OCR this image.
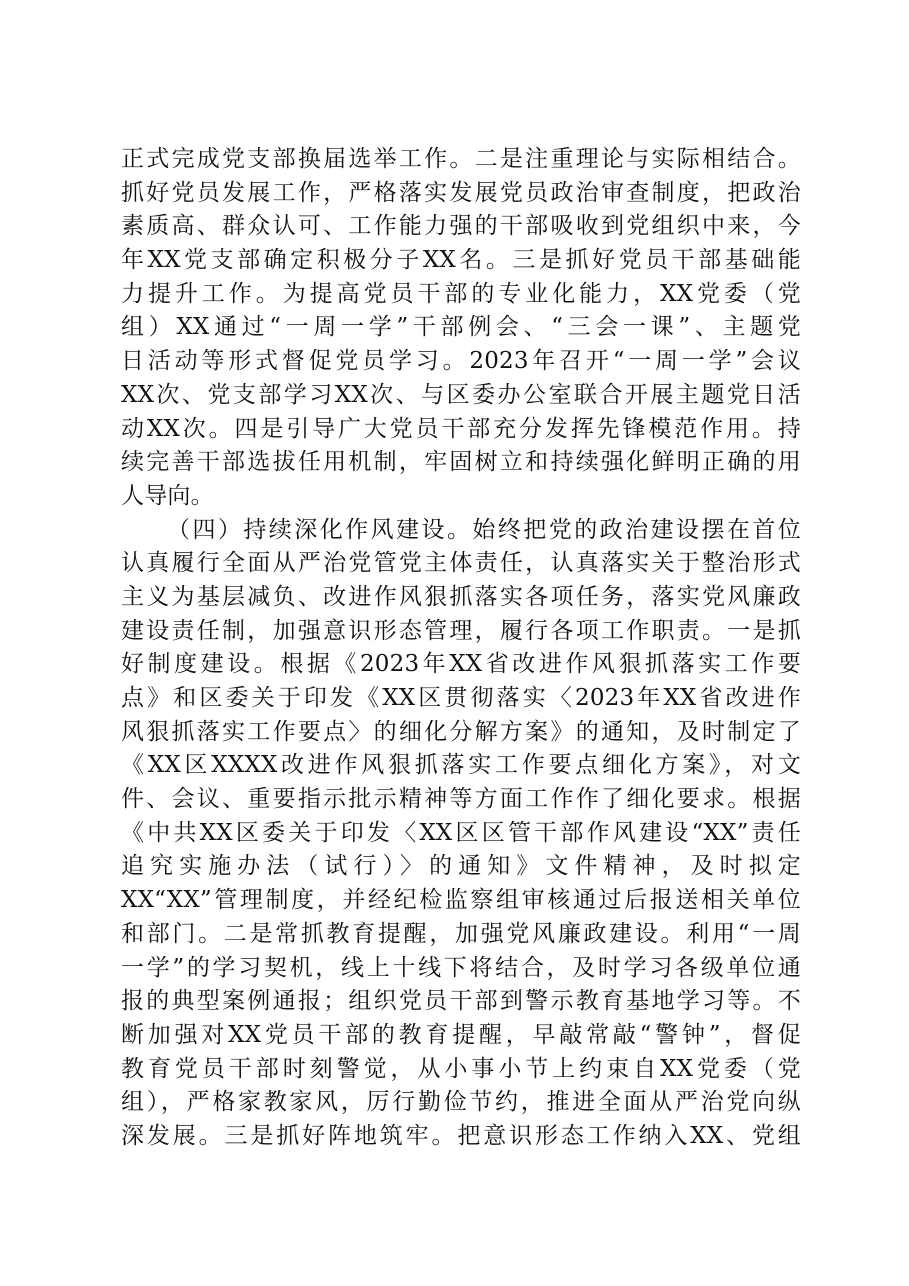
正式完成党支部换届选举工作。二是注重理论与实际相结合。
抓好党员发展工作，严格落实发展党员政治审查制度，把政治
素质高、群众认可、工作能力强的干部吸收到党组织中来，今
年XX党支部确定积极分子XX名。三是抓好党员干部基础能
力提升工作。为提高党员干部的专业化能力，XX党委（党
组）XX通过“一周一学”干部例会、“三会一课”、主题党
日活动等形式督促党员学习。2023年召开“一周一学”会议
XX次、党支部学习XX次、与区委办公室联合开展主题党日活
动XX次。四是引导广大党员干部充分发挥先锋模范作用。持
续完善干部选拔任用机制，牢固树立和持续强化鲜明正确的用
人导向。
（四）持续深化作风建设。始终把党的政治建设摆在首位
认真履行全面从严治党管党主体责任，认真落实关于整治形式
主义为基层减负、改进作风狠抓落实各项任务，落实党风廉政
建设责任制，加强意识形态管理，履行各项工作职责。一是抓
好制度建设。根据《2023年XX省改进作风狠抓落实工作要
点》和区委关于印发《XX区贯彻落实〈2023年XX省改进作
风狠抓落实工作要点〉的细化分解方案》的通知，及时制定了
《XX区XXXX改进作风狠抓落实工作要点细化方案》，对文
件、会议、重要指示批示精神等方面工作作了细化要求。根据
《中共XX区委关于印发〈XX区区管干部作风建设“XX”责任
追究实施办法（试行）〉的通知》文件精神，及时拟定
XX“XX”管理制度，并经纪检监察组审核通过后报送相关单位
和部门。二是常抓教育提醒，加强党风廉政建设。利用“一周
一学”的学习契机，线上十线下将结合，及时学习各级单位通
报的典型案例通报；组织党员干部到警示教育基地学习等。不
断加强对XX党员干部的教育提醒，早敲常敲“警钟”，督促
教育党员干部时刻警觉，从小事小节上约束自XX党委（党
组），严格家教家风，厉行勤俭节约，推进全面从严治党向纵
深发展。三是抓好阵地筑牢。把意识形态工作纳入XX、党组
